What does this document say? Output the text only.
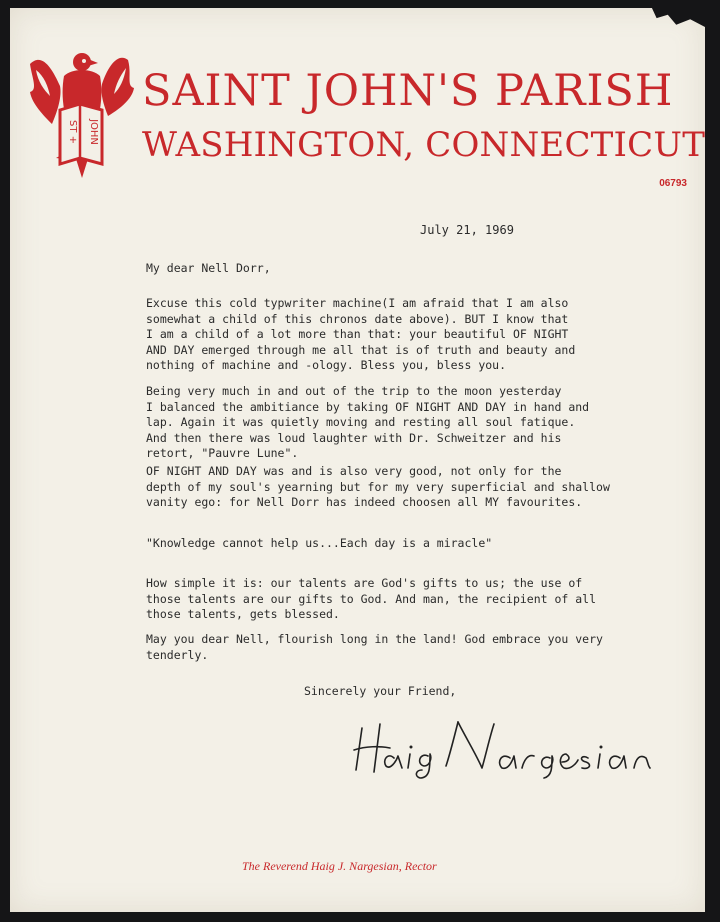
ST + JOHN
SAINT JOHN'S PARISH
WASHINGTON, CONNECTICUT
06793
July 21, 1969

My dear Nell Dorr,

Excuse this cold typwriter machine(I am afraid that I am also
somewhat a child of this chronos date above). BUT I know that
I am a child of a lot more than that: your beautiful OF NIGHT
AND DAY emerged through me all that is of truth and beauty and
nothing of machine and -ology. Bless you, bless you.

Being very much in and out of the trip to the moon yesterday
I balanced the ambitiance by taking OF NIGHT AND DAY in hand and
lap. Again it was quietly moving and resting all soul fatique.
And then there was loud laughter with Dr. Schweitzer and his
retort, "Pauvre Lune".

OF NIGHT AND DAY was and is also very good, not only for the
depth of my soul's yearning but for my very superficial and shallow
vanity ego: for Nell Dorr has indeed choosen all MY favourites.

"Knowledge cannot help us...Each day is a miracle"

How simple it is: our talents are God's gifts to us; the use of
those talents are our gifts to God. And man, the recipient of all
those talents, gets blessed.

May you dear Nell, flourish long in the land! God embrace you very
tenderly.

Sincerely your Friend,

The Reverend Haig J. Nargesian, Rector
